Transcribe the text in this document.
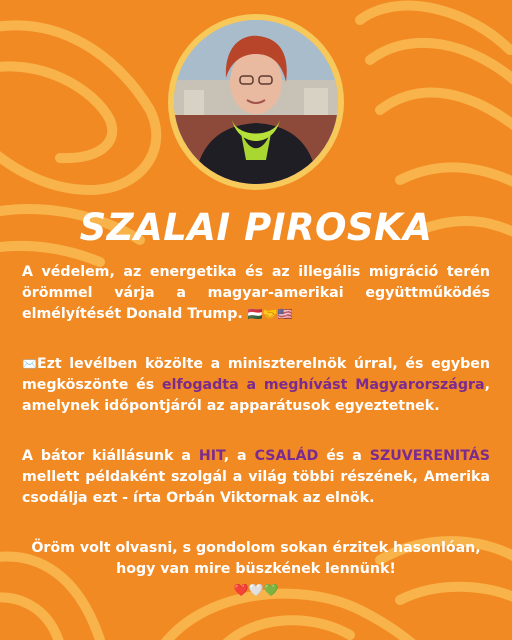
SZALAI PIROSKA

A védelem, az energetika és az illegális migráció terén örömmel várja a magyar-amerikai együttműködés elmélyítését Donald Trump. 🇭🇺🤝🇺🇸

✉️Ezt levélben közölte a miniszterelnök úrral, és egyben megköszönte és elfogadta a meghívást Magyarországra, amelynek időpontjáról az apparátusok egyeztetnek.

A bátor kiállásunk a HIT, a CSALÁD és a SZUVERENITÁS mellett példaként szolgál a világ többi részének, Amerika csodálja ezt - írta Orbán Viktornak az elnök.

Öröm volt olvasni, s gondolom sokan érzitek hasonlóan, hogy van mire büszkének lennünk!
❤️🤍💚
